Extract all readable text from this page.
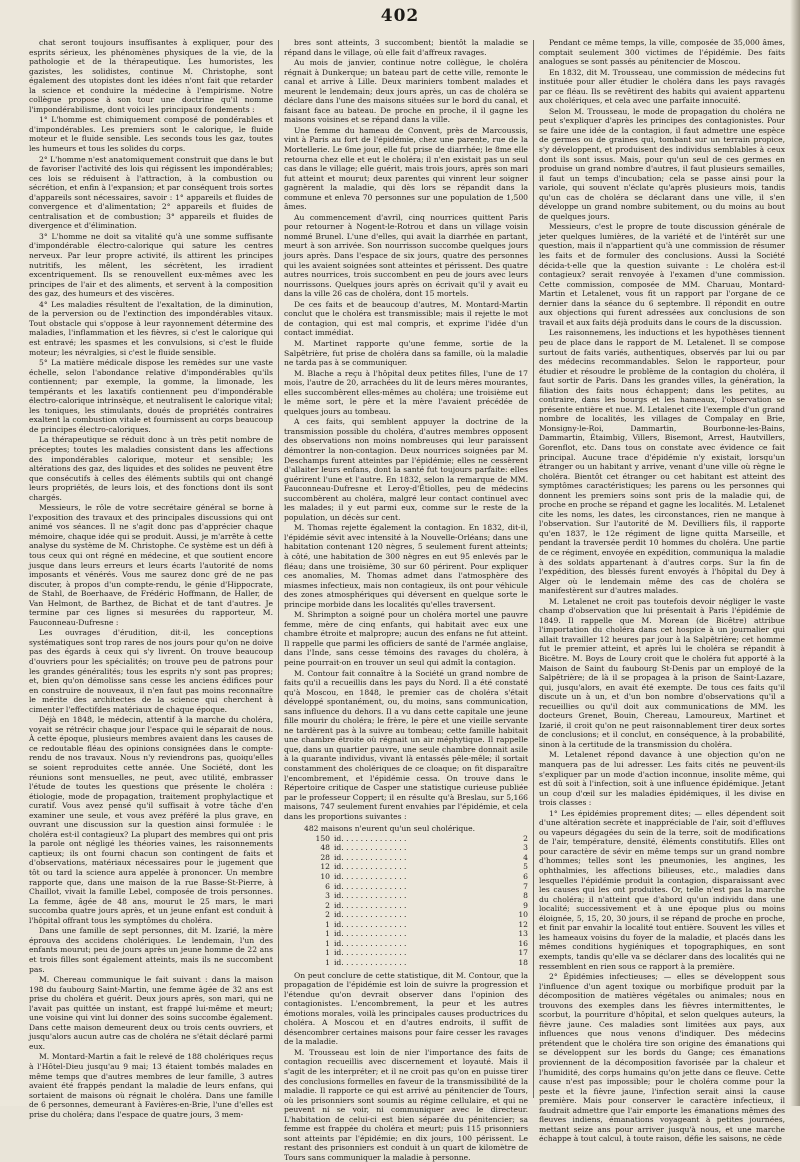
402

chat seront toujours insuffisantes à expliquer, pour des esprits sérieux, les phénomènes physiques de la vie, de la pathologie et de la thérapeutique. Les humoristes, les gazistes, les solidistes, continue M. Christophe, sont également des utopistes dont les idées n'ont fait que retarder la science et conduire la médecine à l'empirisme. Notre collègue propose à son tour une doctrine qu'il nomme l'impondérabilisme, dont voici les principaux fondements :

1° L'homme est chimiquement composé de pondérables et d'impondérables. Les premiers sont le calorique, le fluide moteur et le fluide sensible. Les seconds tous les gaz, toutes les humeurs et tous les solides du corps.

2° L'homme n'est anatomiquement construit que dans le but de favoriser l'activité des lois qui régissent les impondérables; ces lois se réduisent à l'attraction, à la combustion ou sécrétion, et enfin à l'expansion; et par conséquent trois sortes d'appareils sont nécessaires, savoir : 1° appareils et fluides de convergence et d'alimentation; 2° appareils et fluides de centralisation et de combustion; 3° appareils et fluides de divergence et d'élimination.

3° L'homme ne doit sa vitalité qu'à une somme suffisante d'impondérable électro-calorique qui sature les centres nerveux. Par leur propre activité, ils attirent les principes nutritifs, les mêlent, les sécrètent, les irradient excentriquement. Ils se renouvellent eux-mêmes avec les principes de l'air et des aliments, et servent à la composition des gaz, des humeurs et des viscères.

4° Les maladies résultent de l'exaltation, de la diminution, de la perversion ou de l'extinction des impondérables vitaux. Tout obstacle qui s'oppose à leur rayonnement détermine des maladies, l'inflammation et les fièvres, si c'est le calorique qui est entravé; les spasmes et les convulsions, si c'est le fluide moteur; les névralgies, si c'est le fluide sensible.

5° La matière médicale dispose les remèdes sur une vaste échelle, selon l'abondance relative d'impondérables qu'ils contiennent; par exemple, la gomme, la limonade, les tempérants et les laxatifs contiennent peu d'impondérable électro-calorique intrinsèque, et neutralisent le calorique vital; les toniques, les stimulants, doués de propriétés contraires exaltent la combustion vitale et fournissent au corps beaucoup de principes électro-caloriques.

La thérapeutique se réduit donc à un très petit nombre de préceptes; toutes les maladies consistent dans les affections des impondérables calorique, moteur et sensible; les altérations des gaz, des liquides et des solides ne peuvent être que consécutifs à celles des éléments subtils qui ont changé leurs propriétés, de leurs lois, et des fonctions dont ils sont chargés.

Messieurs, le rôle de votre secrétaire général se borne à l'exposition des travaux et des principales discussions qui ont animé vos séances. Il ne s'agit donc pas d'apprécier chaque mémoire, chaque idée qui se produit. Aussi, je m'arrête à cette analyse du système de M. Christophe. Ce système est un défi à tous ceux qui ont régné en médecine, et que soutient encore jusque dans leurs erreurs et leurs écarts l'autorité de noms imposants et vénérés. Vous me saurez donc gré de ne pas discuter, à propos d'un compte-rendu, le génie d'Hippocrate, de Stahl, de Boerhaave, de Frédéric Hoffmann, de Haller, de Van Helmont, de Barthez, de Bichat et de tant d'autres. Je termine par ces lignes si mesurées du rapporteur, M. Fauconneau-Dufresne :

Les ouvrages d'érudition, dit-il, les conceptions systématiques sont trop rares de nos jours pour qu'on ne doive pas des égards à ceux qui s'y livrent. On trouve beaucoup d'ouvriers pour les spécialités; on trouve peu de patrons pour les grandes généralités; tous les esprits n'y sont pas propres; et, bien qu'on démolisse sans cesse les anciens édifices pour en construire de nouveaux, il n'en faut pas moins reconnaître le mérite des architectes de la science qui cherchent à cimenter l'effectifdes matériaux de chaque époque.

Déjà en 1848, le médecin, attentif à la marche du choléra, voyait se rétrécir chaque jour l'espace qui le séparait de nous. À cette époque, plusieurs membres avaient dans les causes de ce redoutable fléau des opinions consignées dans le compte-rendu de nos travaux. Nous n'y reviendrons pas, quoiqu'elles se soient reproduites cette année. Une Société, dont les réunions sont mensuelles, ne peut, avec utilité, embrasser l'étude de toutes les questions que présente le choléra : étiologie, mode de propagation, traitement prophylactique et curatif. Vous avez pensé qu'il suffisait à votre tâche d'en examiner une seule, et vous avez préféré la plus grave, en ouvrant une discussion sur la question ainsi formulée : le choléra est-il contagieux? La plupart des membres qui ont pris la parole ont négligé les théories vaines, les raisonnements captieux; ils ont fourni chacun son contingent de faits et d'observations, matériaux nécessaires pour le jugement que tôt ou tard la science aura appelée à prononcer. Un membre rapporte que, dans une maison de la rue Basse-St-Pierre, à Chaillot, vivait la famille Lebel, composée de trois personnes. La femme, âgée de 48 ans, mourut le 25 mars, le mari succomba quatre jours après, et un jeune enfant est conduit à l'hôpital offrant tous les symptômes du choléra.

Dans une famille de sept personnes, dit M. Izarié, la mère éprouva des accidens cholériques. Le lendemain, l'un des enfants mourut; peu de jours après un jeune homme de 22 ans et trois filles sont également atteints, mais ils ne succombent pas.

M. Chereau communique le fait suivant : dans la maison 198 du faubourg Saint-Martin, une femme âgée de 32 ans est prise du choléra et guérit. Deux jours après, son mari, qui ne l'avait pas quittée un instant, est frappé lui-même et meurt; une voisine qui vint lui donner des soins succombe également. Dans cette maison demeurent deux ou trois cents ouvriers, et jusqu'alors aucun autre cas de choléra ne s'était déclaré parmi eux.

M. Montard-Martin a fait le relevé de 188 cholériques reçus à l'Hôtel-Dieu jusqu'au 9 mai; 13 étaient tombés malades en même temps que d'autres membres de leur famille, 3 autres avaient été frappés pendant la maladie de leurs enfans, qui sortaient de maisons où régnait le choléra. Dans une famille de 6 personnes, demeurant à Favières-en-Brie, l'une d'elles est prise du choléra; dans l'espace de quatre jours, 3 mem-

bres sont atteints, 3 succombent; bientôt la maladie se répand dans le village, où elle fait d'affreux ravages.

Au mois de janvier, continue notre collègue, le choléra régnait à Dunkerque; un bateau part de cette ville, remonte le canal et arrive à Lille. Deux mariniers tombent malades et meurent le lendemain; deux jours après, un cas de choléra se déclare dans l'une des maisons situées sur le bord du canal, et faisant face au bateau. De proche en proche, il il gagne les maisons voisines et se répand dans la ville.

Une femme du hameau de Convent, près de Marcoussis, vint à Paris au fort de l'épidémie, chez une parente, rue de la Mortellerie. Le 6me jour, elle fut prise de diarrhée; le 8me elle retourna chez elle et eut le choléra; il n'en existait pas un seul cas dans le village; elle guérit, mais trois jours, après son mari fut atteint et mourut; deux parentes qui vinrent leur soigner gagnèrent la maladie, qui dès lors se répandit dans la commune et enleva 70 personnes sur une population de 1,500 âmes.

Au commencement d'avril, cinq nourrices quittent Paris pour retourner à Nogent-le-Rotrou et dans un village voisin nommé Brunel. L'une d'elles, qui avait la diarrhée en partant, meurt à son arrivée. Son nourrisson succombe quelques jours jours après. Dans l'espace de six jours, quatre des personnes qui les avaient soignées sont atteintes et périssent. Des quatre autres nourrices, trois succombent en peu de jours avec leurs nourrissons. Quelques jours après on écrivait qu'il y avait eu dans la ville 26 cas de choléra, dont 15 mortels.

De ces faits et de beaucoup d'autres, M. Montard-Martin conclut que le choléra est transmissible; mais il rejette le mot de contagion, qui est mal compris, et exprime l'idée d'un contact immédiat.

M. Martinet rapporte qu'une femme, sortie de la Salpêtrière, fut prise de choléra dans sa famille, où la maladie ne tarda pas à se communiquer.

M. Blache a reçu à l'hôpital deux petites filles, l'une de 17 mois, l'autre de 20, arrachées du lit de leurs mères mourantes, elles succombèrent elles-mêmes au choléra; une troisième eut le même sort, le père et la mère l'avaient précédée de quelques jours au tombeau.

A ces faits, qui semblent appuyer la doctrine de la transmission possible du choléra, d'autres membres opposent des observations non moins nombreuses qui leur paraissent démontrer la non-contagion. Deux nourrices soignées par M. Deschamps furent atteintes par l'épidémie; elles ne cessèrent d'allaiter leurs enfans, dont la santé fut toujours parfaite: elles guérirent l'une et l'autre. En 1832, selon la remarque de MM. Fauconneau-Dufresne et Leroy-d'Étiolles, peu de médecins succombèrent au choléra, malgré leur contact continuel avec les malades; il y eut parmi eux, comme sur le reste de la population, un décès sur cent.

M. Thomas rejette également la contagion. En 1832, dit-il, l'épidémie sévit avec intensité à la Nouvelle-Orléans; dans une habitation contenant 120 nègres, 5 seulement furent atteints; à côté, une habitation de 300 nègres en eut 95 enlevés par le fléau; dans une troisième, 30 sur 60 périrent. Pour expliquer ces anomalies, M. Thomas admet dans l'atmosphère des miasmes infectieux, mais non contagieux, ils ont pour véhicule des zones atmosphériques qui déversent en quelque sorte le principe morbide dans les localités qu'elles traversent.

M. Shrimpton a soigné pour un choléra mortel une pauvre femme, mère de cinq enfants, qui habitait avec eux une chambre étroite et malpropre; aucun des enfans ne fut atteint. Il rappelle que parmi les officiers de santé de l'armée anglaise, dans l'Inde, sans cesse témoins des ravages du choléra, à peine pourrait-on en trouver un seul qui admît la contagion.

M. Contour fait connaître à la Société un grand nombre de faits qu'il a recueillis dans les pays du Nord. Il a été constaté qu'à Moscou, en 1848, le premier cas de choléra s'était développé spontanément, ou, du moins, sans communication, sans influence du dehors. Il a vu dans cette capitale une jeune fille mourir du choléra; le frère, le père et une vieille servante ne tardèrent pas à la suivre au tombeau; cette famille habitait une chambre étroite où régnait un air méphytique. Il rappelle que, dans un quartier pauvre, une seule chambre donnait asile à la quarante individus, vivant là entassés pêle-mêle; il sortait constamment des cholériques de ce cloaque; on fit disparaître l'encombrement, et l'épidémie cessa. On trouve dans le Répertoire critique de Casper une statistique curieuse publiée par le professeur Coppert; il en résulte qu'à Breslau, sur 5,166 maisons, 747 seulement furent envahies par l'épidémie, et cela dans les proportions suivantes :

482 maisons n'eurent qu'un seul cholérique.
150 id. . . . . . . . . . . . . .	2
48 id. . . . . . . . . . . . . .	3
28 id. . . . . . . . . . . . . .	4
12 id. . . . . . . . . . . . . .	5
10 id. . . . . . . . . . . . . .	6
6 id. . . . . . . . . . . . . .	7
3 id. . . . . . . . . . . . . .	8
2 id. . . . . . . . . . . . . .	9
2 id. . . . . . . . . . . . . .	10
1 id. . . . . . . . . . . . . .	12
1 id. . . . . . . . . . . . . .	13
1 id. . . . . . . . . . . . . .	16
1 id. . . . . . . . . . . . . .	17
1 id. . . . . . . . . . . . . .	18

On peut conclure de cette statistique, dit M. Contour, que la propagation de l'épidémie est loin de suivre la progression et l'étendue qu'on devrait observer dans l'opinion des contagionistes. L'encombrement, la peur et les autres émotions morales, voilà les principales causes productrices du choléra. A Moscou et en d'autres endroits, il suffit de désencombrer certaines maisons pour faire cesser les ravages de la maladie.

M. Trousseau est loin de nier l'importance des faits de contagion recueillis avec discernement et loyauté. Mais il s'agit de les interpréter; et il ne croit pas qu'on en puisse tirer des conclusions formelles en faveur de la transmissibilité de la maladie. Il rapporte ce qui est arrivé au pénitencier de Tours, où les prisonniers sont soumis au régime cellulaire, et qui ne peuvent ni se voir, ni communiquer avec le directeur. L'habitation de celui-ci est bien séparée du pénitencier; sa femme est frappée du choléra et meurt; puis 115 prisonniers sont atteints par l'épidémie; en dix jours, 100 périssent. Le restant des prisonniers est conduit à un quart de kilomètre de Tours sans communiquer la maladie à personne.

Pendant ce même temps, la ville, composée de 35,000 âmes, comptait seulement 300 victimes de l'épidémie. Des faits analogues se sont passés au pénitencier de Moscou.

En 1832, dit M. Trousseau, une commission de médecins fut instituée pour aller étudier le choléra dans les pays ravagés par ce fléau. Ils se revêtirent des habits qui avaient appartenu aux cholériques, et cela avec une parfaite innocuité.

Selon M. Trousseau, le mode de propagation du choléra ne peut s'expliquer d'après les principes des contagionistes. Pour se faire une idée de la contagion, il faut admettre une espèce de germes ou de graines qui, tombant sur un terrain propice, s'y développent, et produisent des individus semblables à ceux dont ils sont issus. Mais, pour qu'un seul de ces germes en produise un grand nombre d'autres, il faut plusieurs semailles, il faut un temps d'incubation; cela se passe ainsi pour la variole, qui souvent n'éclate qu'après plusieurs mois, tandis qu'un cas de choléra se déclarant dans une ville, il s'en développe un grand nombre subitement, ou du moins au bout de quelques jours.

Messieurs, c'est le propre de toute discussion générale de jeter quelques lumières, de la variété et de l'intérêt sur une question, mais il n'appartient qu'à une commission de résumer les faits et de formuler des conclusions. Aussi la Société décida-t-elle que la question suivante : Le choléra est-il contagieux? serait renvoyée à l'examen d'une commission. Cette commission, composée de MM. Charuau, Montard-Martin et Letalenet, vous fit un rapport par l'organe de ce dernier dans la séance du 6 septembre. Il répondit en outre aux objections qui furent adressées aux conclusions de son travail et aux faits déjà produits dans le cours de la discussion.

Les raisonnemens, les inductions et les hypothèses tiennent peu de place dans le rapport de M. Letalenet. Il se compose surtout de faits variés, authentiques, observés par lui ou par des médecins recommandables. Selon le rapporteur, pour étudier et résoudre le problème de la contagion du choléra, il faut sortir de Paris. Dans les grandes villes, la génération, la filiation des faits nous échappent; dans les petites, au contraire, dans les bourgs et les hameaux, l'observation se présente entière et nue. M. Letalenet cite l'exemple d'un grand nombre de localités, les villages de Compalay en Brie, Monsigny-le-Roi, Dammartin, Bourbonne-les-Bains, Dammartin, Étaimbig, Villers, Bisemont, Arrest, Hautvillers, Gorenflot, etc. Dans tous on constate avec évidence ce fait principal. Aucune trace d'épidémie n'y existait, lorsqu'un étranger ou un habitant y arrive, venant d'une ville où règne le choléra. Bientôt cet étranger ou cet habitant est atteint des symptômes caractéristiques; les parens ou les personnes qui donnent les premiers soins sont pris de la maladie qui, de proche en proche se répand et gagne les localités. M. Letalenet cite les noms, les dates, les circonstances, rien ne manque à l'observation. Sur l'autorité de M. Devilliers fils, il rapporte qu'en 1837, le 12e régiment de ligne quitta Marseille, et pendant la traversée perdit 10 hommes du choléra. Une partie de ce régiment, envoyée en expédition, communiqua la maladie à des soldats appartenant à d'autres corps. Sur la fin de l'expédition, des blessés furent envoyés à l'hôpital du Dey à Alger où le lendemain même des cas de choléra se manifestèrent sur d'autres malades.

M. Letalenet ne croit pas toutefois devoir négliger le vaste champ d'observation que lui présentait à Paris l'épidémie de 1849. Il rappelle que M. Morean (de Bicêtre) attribue l'importation du choléra dans cet hospice à un journalier qui allait travailler 12 heures par jour à la Salpêtrière; cet homme fut le premier atteint, et après lui le choléra se répandit à Bicêtre. M. Boys de Loury croit que le choléra fut apporté à la Maison de Saint du faubourg St-Denis par un employé de la Salpêtrière; de là il se propagea à la prison de Saint-Lazare, qui, jusqu'alors, en avait été exempte. De tous ces faits qu'il discute un à un, et d'un bon nombre d'observations qu'il a recueillies ou qu'il doit aux communications de MM. les docteurs Grenet, Bouin, Chereau, Lamoureux, Martinet et Izarié, il croit qu'on ne peut raisonnablement tirer deux sortes de conclusions; et il conclut, en conséquence, à la probabilité, sinon à la certitude de la transmission du choléra.

M. Letalenet répond davance à une objection qu'on ne manquera pas de lui adresser. Les faits cités ne peuvent-ils s'expliquer par un mode d'action inconnue, insolite même, qui est dû soit à l'infection, soit à une influence épidémique. Jetant un coup d'œil sur les maladies épidémiques, il les divise en trois classes :

1° Les épidémies proprement dites; — elles dépendent soit d'une altération secrète et inappréciable de l'air, soit d'effluves ou vapeurs dégagées du sein de la terre, soit de modifications de l'air, température, densité, éléments constitutifs. Elles ont pour caractère de sévir en même temps sur un grand nombre d'hommes; telles sont les pneumonies, les angines, les ophthalmies, les affections bilieuses, etc., maladies dans lesquelles l'épidémie produit la contagion, disparaissant avec les causes qui les ont produites. Or, telle n'est pas la marche du choléra; il n'atteint que d'abord qu'un individu dans une localité; successivement et à une époque plus ou moins éloignée, 5, 15, 20, 30 jours, il se répand de proche en proche, et finit par envahir la localité tout entière. Souvent les villes et les hameaux voisins du foyer de la maladie, et placés dans les mêmes conditions hygiéniques et topographiques, en sont exempts, tandis qu'elle va se déclarer dans des localités qui ne ressemblent en rien sous ce rapport à la première.

2° Épidémies infectieuses; — elles se développent sous l'influence d'un agent toxique ou morbifique produit par la décomposition de matières végétales ou animales; nous en trouvons des exemples dans les fièvres intermittentes, le scorbut, la pourriture d'hôpital, et selon quelques auteurs, la fièvre jaune. Ces maladies sont limitées aux pays, aux influences que nous venons d'indiquer. Des médecins prétendent que le choléra tire son origine des émanations qui se développent sur les bords du Gange; ces émanations proviennent de la décomposition favorisée par la chaleur et l'humidité, des corps humains qu'on jette dans ce fleuve. Cette cause n'est pas impossible; pour le choléra comme pour la peste et la fièvre jaune, l'infection serait ainsi la cause première. Mais pour conserver le caractère infectieux, il faudrait admettre que l'air emporte les émanations mêmes des fleuves indiens, émanations voyageant à petites journées, mettant seize ans pour arriver jusqu'à nous, et une marche échappe à tout calcul, à toute raison, défie les saisons, ne cède
